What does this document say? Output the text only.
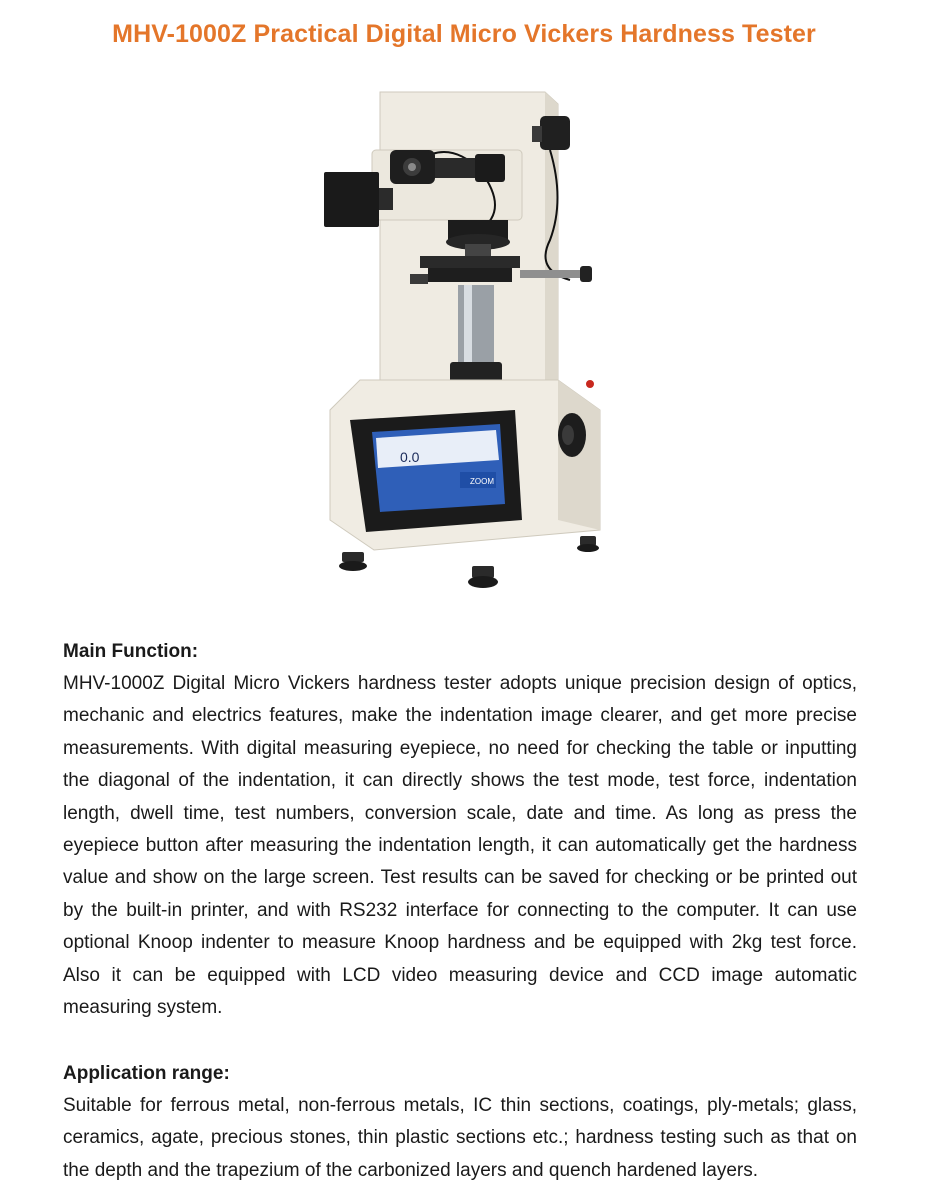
MHV-1000Z Practical Digital Micro Vickers Hardness Tester
0.0
ZOOM
Main Function:

MHV-1000Z Digital Micro Vickers hardness tester adopts unique precision design of optics, mechanic and electrics features, make the indentation image clearer, and get more precise measurements. With digital measuring eyepiece, no need for checking the table or inputting the diagonal of the indentation, it can directly shows the test mode, test force, indentation length, dwell time, test numbers, conversion scale, date and time. As long as press the eyepiece button after measuring the indentation length, it can automatically get the hardness value and show on the large screen. Test results can be saved for checking or be printed out by the built-in printer, and with RS232 interface for connecting to the computer. It can use optional Knoop indenter to measure Knoop hardness and be equipped with 2kg test force. Also it can be equipped with LCD video measuring device and CCD image automatic measuring system.

Application range:

Suitable for ferrous metal, non-ferrous metals, IC thin sections, coatings, ply-metals; glass, ceramics, agate, precious stones, thin plastic sections etc.; hardness testing such as that on the depth and the trapezium of the carbonized layers and quench hardened layers.
